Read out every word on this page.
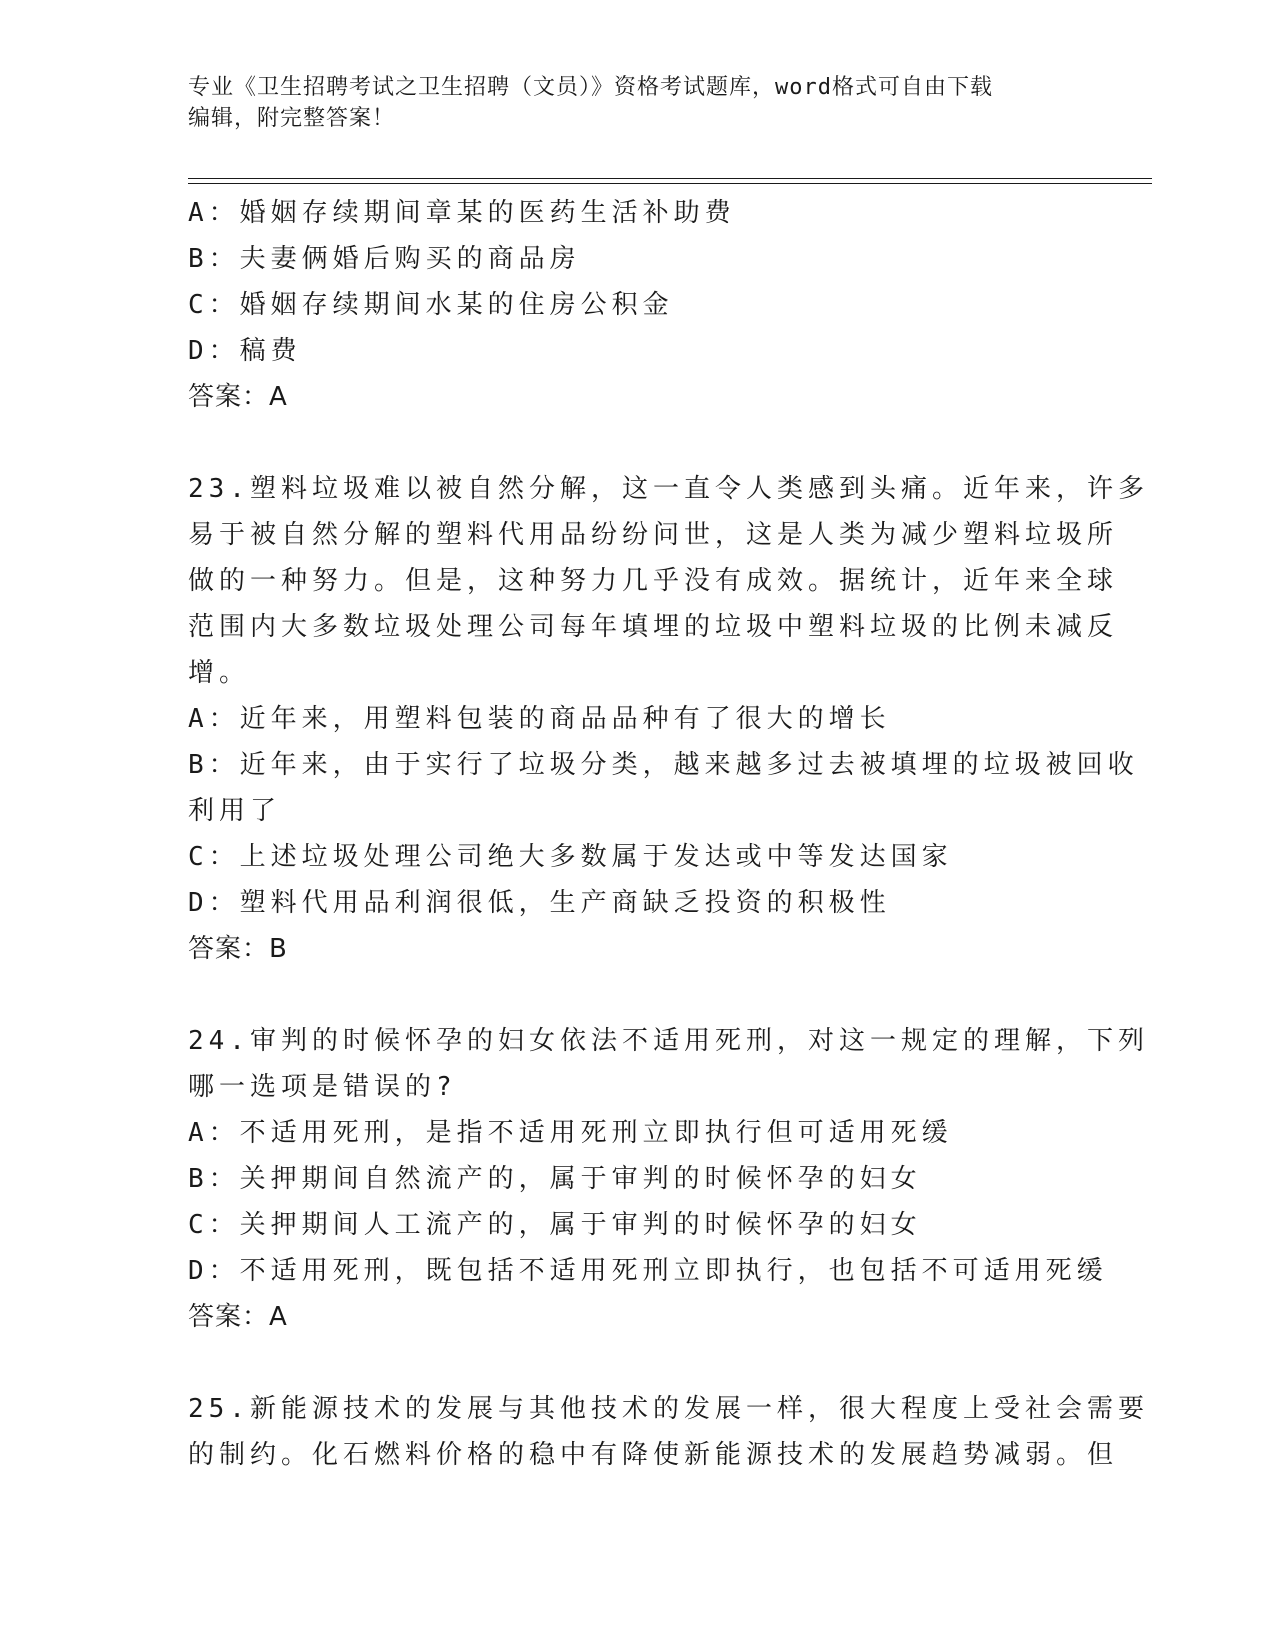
专业《卫生招聘考试之卫生招聘（文员）》资格考试题库，word格式可自由下载
编辑，附完整答案！
A：婚姻存续期间章某的医药生活补助费
B：夫妻俩婚后购买的商品房
C：婚姻存续期间水某的住房公积金
D：稿费
答案：A
23.塑料垃圾难以被自然分解，这一直令人类感到头痛。近年来，许多
易于被自然分解的塑料代用品纷纷问世，这是人类为减少塑料垃圾所
做的一种努力。但是，这种努力几乎没有成效。据统计，近年来全球
范围内大多数垃圾处理公司每年填埋的垃圾中塑料垃圾的比例未减反
增。
A：近年来，用塑料包装的商品品种有了很大的增长
B：近年来，由于实行了垃圾分类，越来越多过去被填埋的垃圾被回收
利用了
C：上述垃圾处理公司绝大多数属于发达或中等发达国家
D：塑料代用品利润很低，生产商缺乏投资的积极性
答案：B
24.审判的时候怀孕的妇女依法不适用死刑，对这一规定的理解，下列
哪一选项是错误的?
A：不适用死刑，是指不适用死刑立即执行但可适用死缓
B：关押期间自然流产的，属于审判的时候怀孕的妇女
C：关押期间人工流产的，属于审判的时候怀孕的妇女
D：不适用死刑，既包括不适用死刑立即执行，也包括不可适用死缓
答案：A
25.新能源技术的发展与其他技术的发展一样，很大程度上受社会需要
的制约。化石燃料价格的稳中有降使新能源技术的发展趋势减弱。但
